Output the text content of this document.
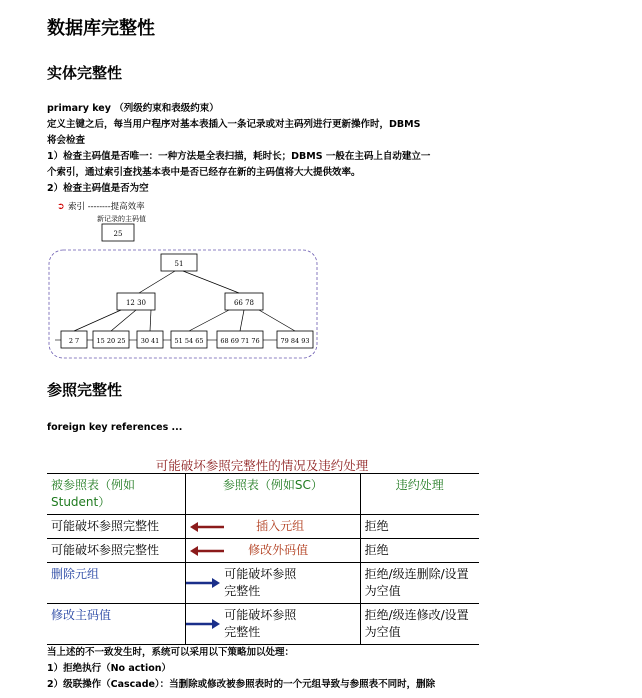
数据库完整性
实体完整性
primary key （列级约束和表级约束）
定义主键之后，每当用户程序对基本表插入一条记录或对主码列进行更新操作时，DBMS
将会检查
1）检查主码值是否唯一：一种方法是全表扫描，耗时长；DBMS 一般在主码上自动建立一
个索引，通过索引查找基本表中是否已经存在新的主码值将大大提供效率。
2）检查主码值是否为空
➲ 索引 --------提高效率
新记录的主码值
25
51
12 30	66 78
2 7	15 20 25 30 41 51 54 65	68 69 71 76	79 84 93
参照完整性
foreign key references ...
可能破坏参照完整性的情况及违约处理
被参照表（例如Student）	参照表（例如SC）	违约处理
可能破坏参照完整性	插入元组	拒绝
可能破坏参照完整性	修改外码值	拒绝
删除元组	可能破坏参照完整性	拒绝/级连删除/设置为空值
修改主码值	可能破坏参照完整性	拒绝/级连修改/设置为空值
当上述的不一致发生时，系统可以采用以下策略加以处理：
1）拒绝执行（No action）
2）级联操作（Cascade）：当删除或修改被参照表时的一个元组导致与参照表不同时，删除
